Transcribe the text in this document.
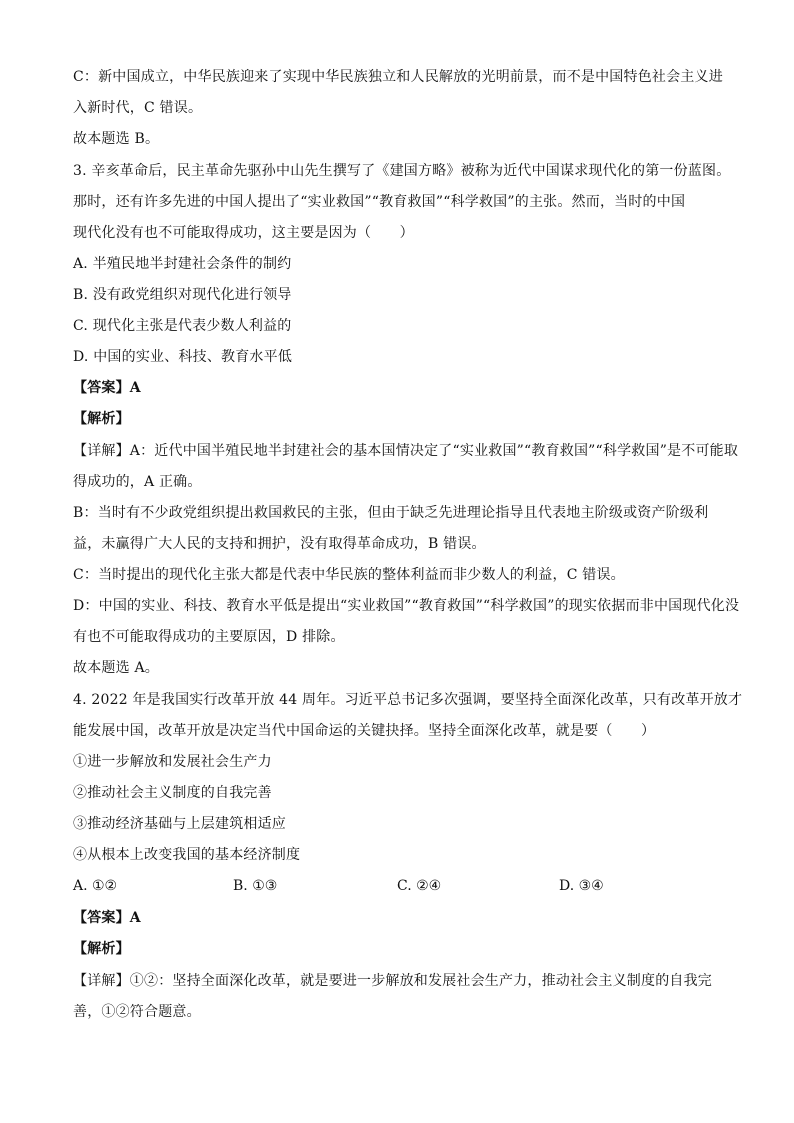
C：新中国成立，中华民族迎来了实现中华民族独立和人民解放的光明前景，而不是中国特色社会主义进
入新时代，C 错误。
故本题选 B。
3. 辛亥革命后，民主革命先驱孙中山先生撰写了《建国方略》被称为近代中国谋求现代化的第一份蓝图。
那时，还有许多先进的中国人提出了“实业救国”“教育救国”“科学救国”的主张。然而，当时的中国
现代化没有也不可能取得成功，这主要是因为（　　）
A. 半殖民地半封建社会条件的制约
B. 没有政党组织对现代化进行领导
C. 现代化主张是代表少数人利益的
D. 中国的实业、科技、教育水平低
【答案】A
【解析】
【详解】A：近代中国半殖民地半封建社会的基本国情决定了“实业救国”“教育救国”“科学救国”是不可能取
得成功的，A 正确。
B：当时有不少政党组织提出救国救民的主张，但由于缺乏先进理论指导且代表地主阶级或资产阶级利
益，未赢得广大人民的支持和拥护，没有取得革命成功，B 错误。
C：当时提出的现代化主张大都是代表中华民族的整体利益而非少数人的利益，C 错误。
D：中国的实业、科技、教育水平低是提出“实业救国”“教育救国”“科学救国”的现实依据而非中国现代化没
有也不可能取得成功的主要原因，D 排除。
故本题选 A。
4. 2022 年是我国实行改革开放 44 周年。习近平总书记多次强调，要坚持全面深化改革，只有改革开放才
能发展中国，改革开放是决定当代中国命运的关键抉择。坚持全面深化改革，就是要（　　）
①进一步解放和发展社会生产力
②推动社会主义制度的自我完善
③推动经济基础与上层建筑相适应
④从根本上改变我国的基本经济制度
A. ①②	B. ①③	C. ②④	D. ③④
【答案】A
【解析】
【详解】①②：坚持全面深化改革，就是要进一步解放和发展社会生产力，推动社会主义制度的自我完
善，①②符合题意。
